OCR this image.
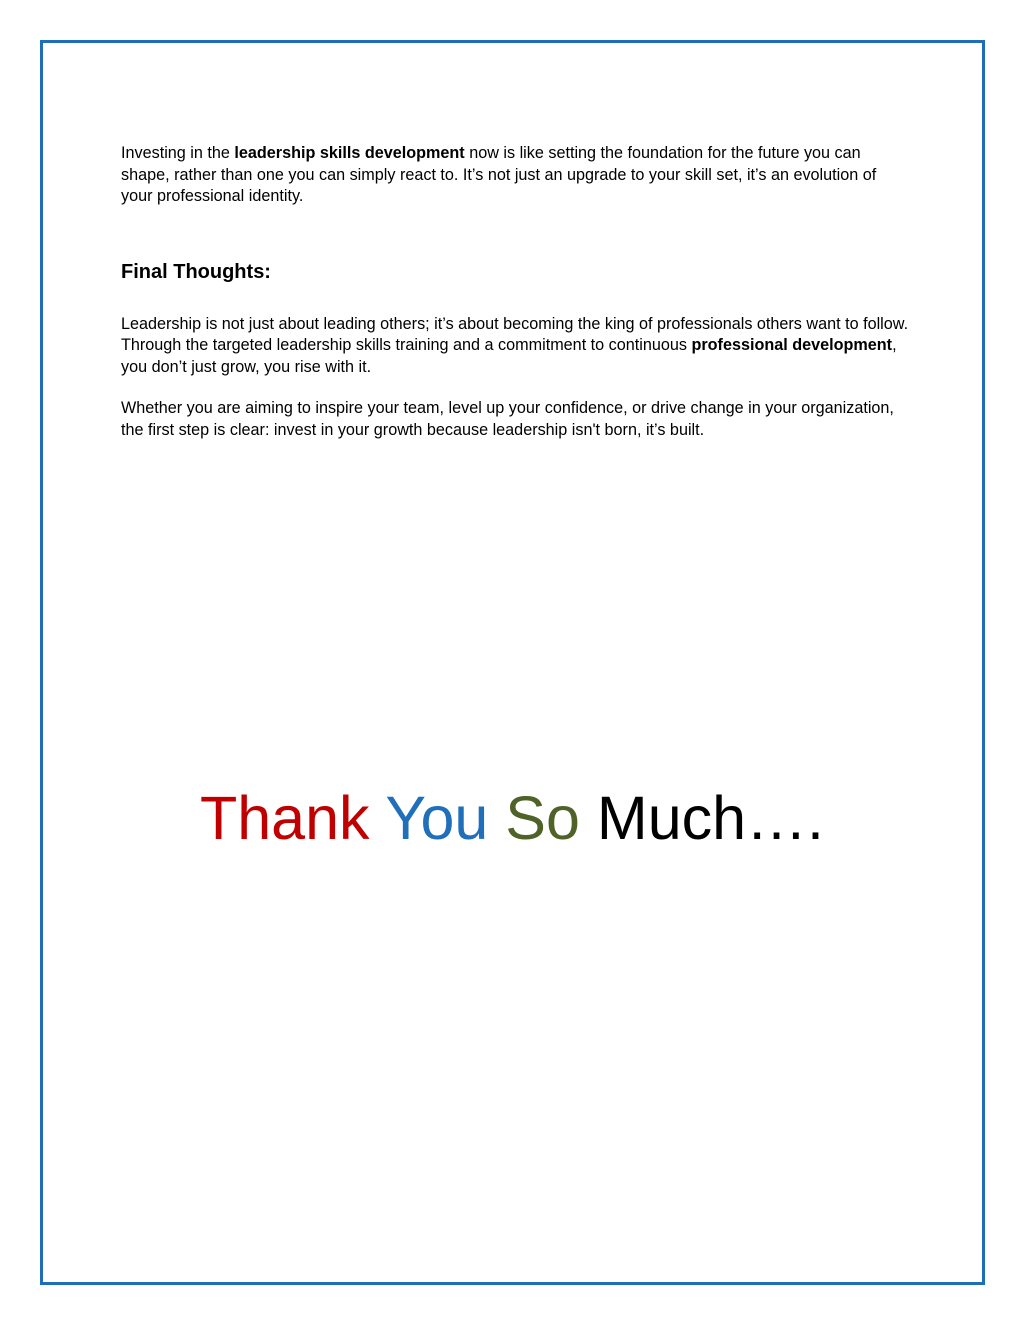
Investing in the leadership skills development now is like setting the foundation for the future you can shape, rather than one you can simply react to. It’s not just an upgrade to your skill set, it’s an evolution of your professional identity.

Final Thoughts:

Leadership is not just about leading others; it’s about becoming the king of professionals others want to follow. Through the targeted leadership skills training and a commitment to continuous professional development, you don’t just grow, you rise with it.

Whether you are aiming to inspire your team, level up your confidence, or drive change in your organization, the first step is clear: invest in your growth because leadership isn't born, it’s built.

Thank You So Much….
